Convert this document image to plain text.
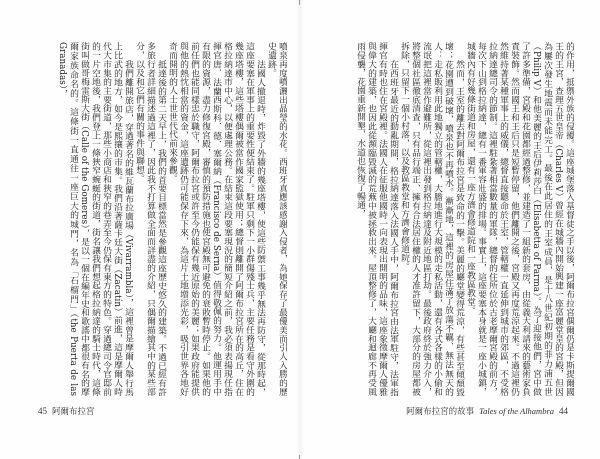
的作用，抵禦外族的侵擾。這座城堡落入基督徒之手以後，阿爾布拉宮偶爾仍是卡斯提爾國王的王宮，查理五世皇帝（Charles V）曾經在城牆內開始興建一座富麗堂皇的宮殿，但因為屢次發生地震而未能完工。最後在此居住的王室成員，是十八世紀初期的菲力浦五世（Philip V）和他美麗的王后伊莉莎白（Elisabetta of Parma）。為了迎接他們，宮中做了許多準備，宮殿和花園都經過整修，並建造了一組新的套房，由從義大利請來的藝術家負責裝飾。然而國王和王后只是短暫停留，他們離開之後，宮殿又再度荒涼起來。不過這裡仍然維持著某種軍事上的威儀，總督直接聽命於王室，管轄權一直延伸到城市的郊區，不受格拉納達總司令的節制。這裡駐紮著相當數量的軍隊，總督的住所位於古老摩爾宮殿的前方，每次下山到格拉納達，總有一番軍容壯盛的排場。事實上，這座要塞本身就是一座小城鎮，城牆內有好幾條街道和房屋，還有一座方濟會修道院和一座教區教堂。

然而，王室的離去對阿爾布拉宮是致命的一擊。美麗的廳堂變得荒涼，有些甚至傾頹毀壞；花園遭到破壞，噴泉也不再噴水。漸漸地，這裡的房屋住滿了放蕩不羈、無法無天的人：走私販利用此地獨立的管轄權，大膽地進行大規模的走私活動，還有各式各樣的小偷和流氓把這裡當作避難所，從這裡出發到格拉納達及附近地區打劫。最後政府終於強力介入，將整個社區徹底清查，只有品行端正、擁有合法居住權的人才准許留下，大部分的房屋都被拆除，只留下一個小村落，以及教區教堂和方濟會修道院。

在西班牙最近的動亂期間，格拉納達落入法國人手中，阿爾布拉宮由法軍駐守，法軍指揮官有時也住在宮殿裡。法國人在征服他國時一向表現出開明的品味，這座象徵摩爾人優雅與偉大的建築，也因此從瀕臨毀滅的荒蕪中被拯救出來。屋頂整修了，大廳和迴廊不再受風雨侵襲，花園重新開墾，水道也恢復了暢通，

噴泉再度噴灑出晶瑩的水花。西班牙真應該感謝入侵者，為她保存了最優美而引人入勝的歷史遺跡。

法國人撤退時，炸毀了外牆的幾座塔樓，使這些防禦工事幾乎無法再防守，從那時起，這座要塞在軍事上的重要性便結束了。駐軍只剩下一小群傷殘士兵，主要任務是看守外圍的幾座塔樓，這些塔樓偶爾被當作國家監獄使用；總督則離開了阿爾布拉宮所在的高丘，住在格拉納達市中心，以便處理公務。在結束這段要塞現況的簡短介紹之前，我必須表揚現任指揮官唐．法蘭西斯科．德．塞爾納（Francisco de Serna）值得敬佩的努力。他運用手中有限的資源，盡力修復宮殿，審慎的預防措施也使宮殿無可避免的衰敗暫時停止。如果他的前任們也能同樣忠於職守，阿爾布拉宮或許至今仍能保有幾近原始的美麗；如果政府能提供與他的熱忱相當的資金，這座遺跡仍可能保存下來，為這片土地增添光彩，吸引世界各地好奇而開明的人士世世代代前來參觀。

抵達後的第二天早上，我們的首要目標當然是參觀這座歷史悠久的建築。不過已經有許多旅行者詳細描述過這裡了，因此我不打算做全面而詳盡的介紹，只偶爾描繪其中的某些部分，以及和它們有關的事件與聯想。

我們離開旅店，穿過著名的維瓦蘭布拉廣場（Vivarrambla），這裡曾是摩爾人舉行馬上比武的地方，如今是熙攘的市集。我們沿著薩卡廷大街（Zacatín）前進，這是摩爾人時代大市集的主要街道，那些小商店和狹窄的巷弄至今仍保有東方的特色。穿過總司令官邸前的一片空地後，我們登上一條狹窄蜿蜒的街道，街名讓我們想起格拉納達的騎士時代，這條街叫做哥梅雷斯大街（Calle of the Gomeres），是以一個在編年史和歌謠中都很有名的摩爾家族命名的。這條街一直通往一座巨大的城門，名為「石榴門」（the Puerta de las Granadas），

45 阿爾布拉宮	阿爾布拉宮的故事 Tales of the Alhambra 44
